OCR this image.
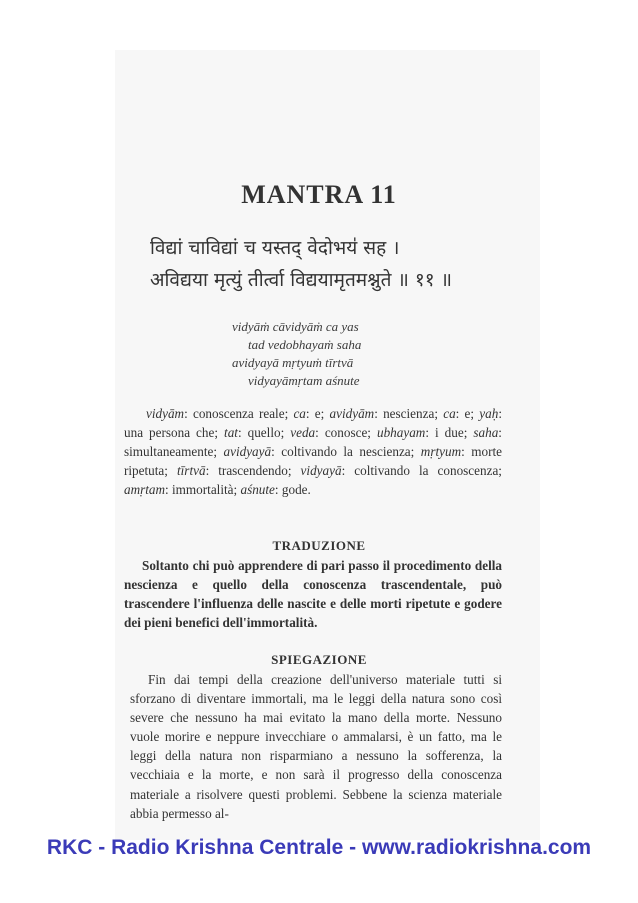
MANTRA 11
विद्यां चाविद्यां च यस्तद् वेदोभय॑ सह ।
अविद्यया मृत्युं तीर्त्वा विद्ययामृतमश्नुते ॥ ११ ॥
vidyāṁ cāvidyāṁ ca yas
tad vedobhayaṁ saha
avidyayā mṛtyuṁ tīrtvā
vidyayāmṛtam aśnute

vidyām: conoscenza reale; ca: e; avidyām: nescienza; ca: e; yaḥ: una persona che; tat: quello; veda: conosce; ubhayam: i due; saha: simultaneamente; avidyayā: coltivando la nescienza; mṛtyum: morte ripetuta; tīrtvā: trascendendo; vidyayā: coltivando la conoscenza; amṛtam: immortalità; aśnute: gode.

TRADUZIONE

Soltanto chi può apprendere di pari passo il procedimento della nescienza e quello della conoscenza trascendentale, può trascendere l'influenza delle nascite e delle morti ripetute e godere dei pieni benefici dell'immortalità.

SPIEGAZIONE

Fin dai tempi della creazione dell'universo materiale tutti si sforzano di diventare immortali, ma le leggi della natura sono così severe che nessuno ha mai evitato la mano della morte. Nessuno vuole morire e neppure invecchiare o ammalarsi, è un fatto, ma le leggi della natura non risparmiano a nessuno la sofferenza, la vecchiaia e la morte, e non sarà il progresso della conoscenza materiale a risolvere questi problemi. Sebbene la scienza materiale abbia permesso al-

RKC - Radio Krishna Centrale - www.radiokrishna.com
